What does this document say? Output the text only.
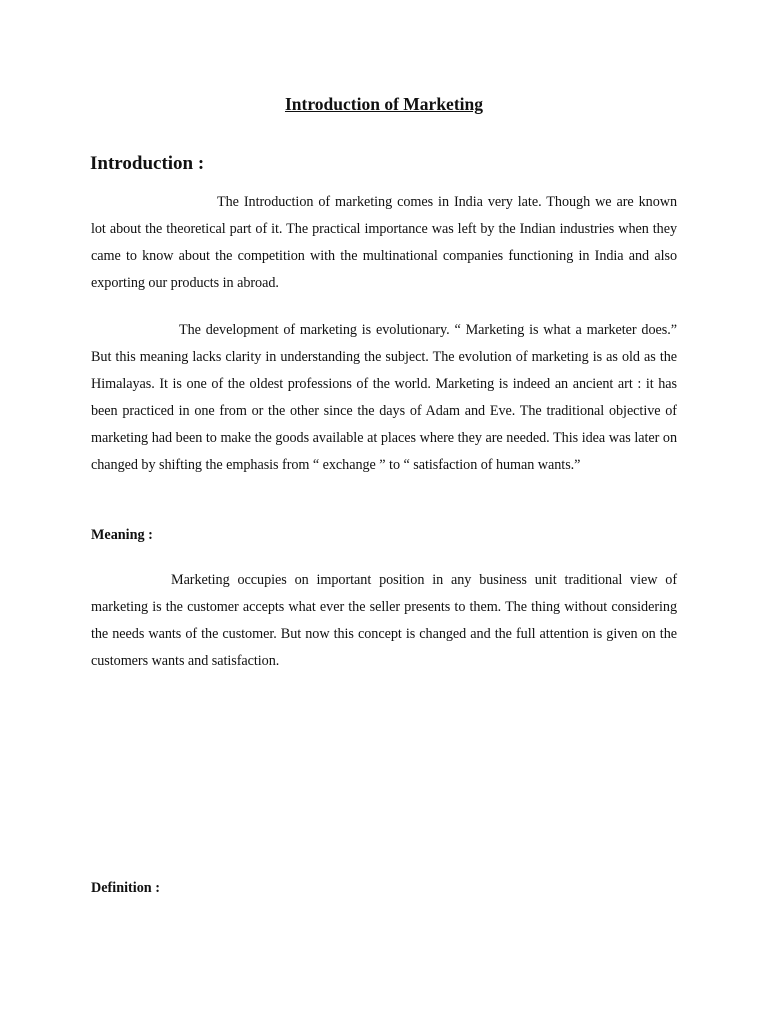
Introduction of Marketing
Introduction :

The Introduction of marketing comes in India very late. Though we are known lot about the theoretical part of it. The practical importance was left by the Indian industries when they came to know about the competition with the multinational companies functioning in India and also exporting our products in abroad.

The development of marketing is evolutionary. “ Marketing is what a marketer does.” But this meaning lacks clarity in understanding the subject. The evolution of marketing is as old as the Himalayas. It is one of the oldest professions of the world. Marketing is indeed an ancient art : it has been practiced in one from or the other since the days of Adam and Eve. The traditional objective of marketing had been to make the goods available at places where they are needed. This idea was later on changed by shifting the emphasis from “ exchange ” to “ satisfaction of human wants.”

Meaning :

Marketing occupies on important position in any business unit traditional view of marketing is the customer accepts what ever the seller presents to them. The thing without considering the needs wants of the customer. But now this concept is changed and the full attention is given on the customers wants and satisfaction.

Definition :
